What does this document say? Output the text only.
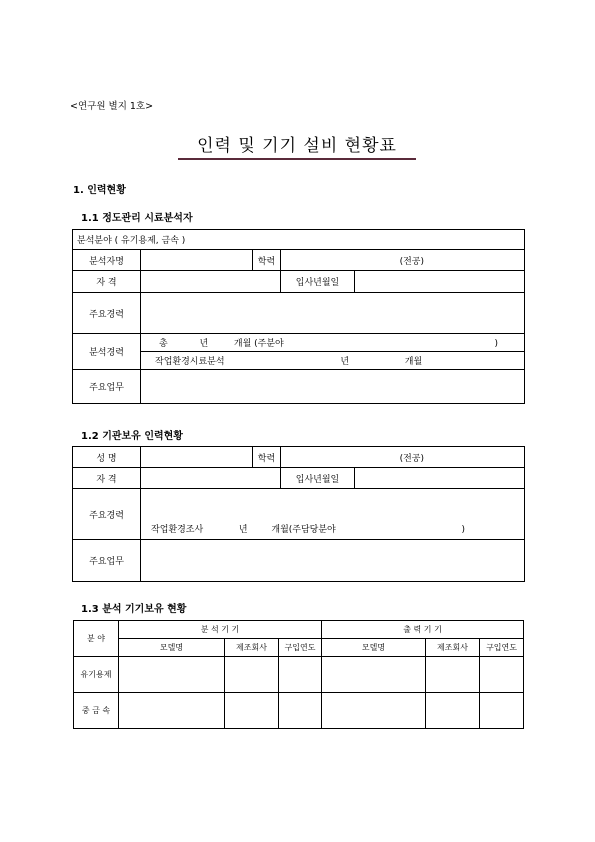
<연구원 별지 1호>
인력 및 기기 설비 현황표
1. 인력현황
1.1 정도관리 시료분석자
분석분야 ( 유기용제, 금속 )				
분석자명		학력	(전공)	
자 격			입사년월일	
주요경력				
분석경력	총 년 개월 (주분야 )			
	작업환경시료분석 년 개월			
주요업무				
1.2 기관보유 인력현황
성 명		학력	(전공)	
자 격			입사년월일	
주요경력	작업환경조사 년 개월(주담당분야 )			
주요업무				
1.3 분석 기기보유 현황
분 야	분 석 기 기			출 력 기 기		
	모델명	제조회사	구입연도	모델명	제조회사	구입연도
유기용제						
중 금 속						
